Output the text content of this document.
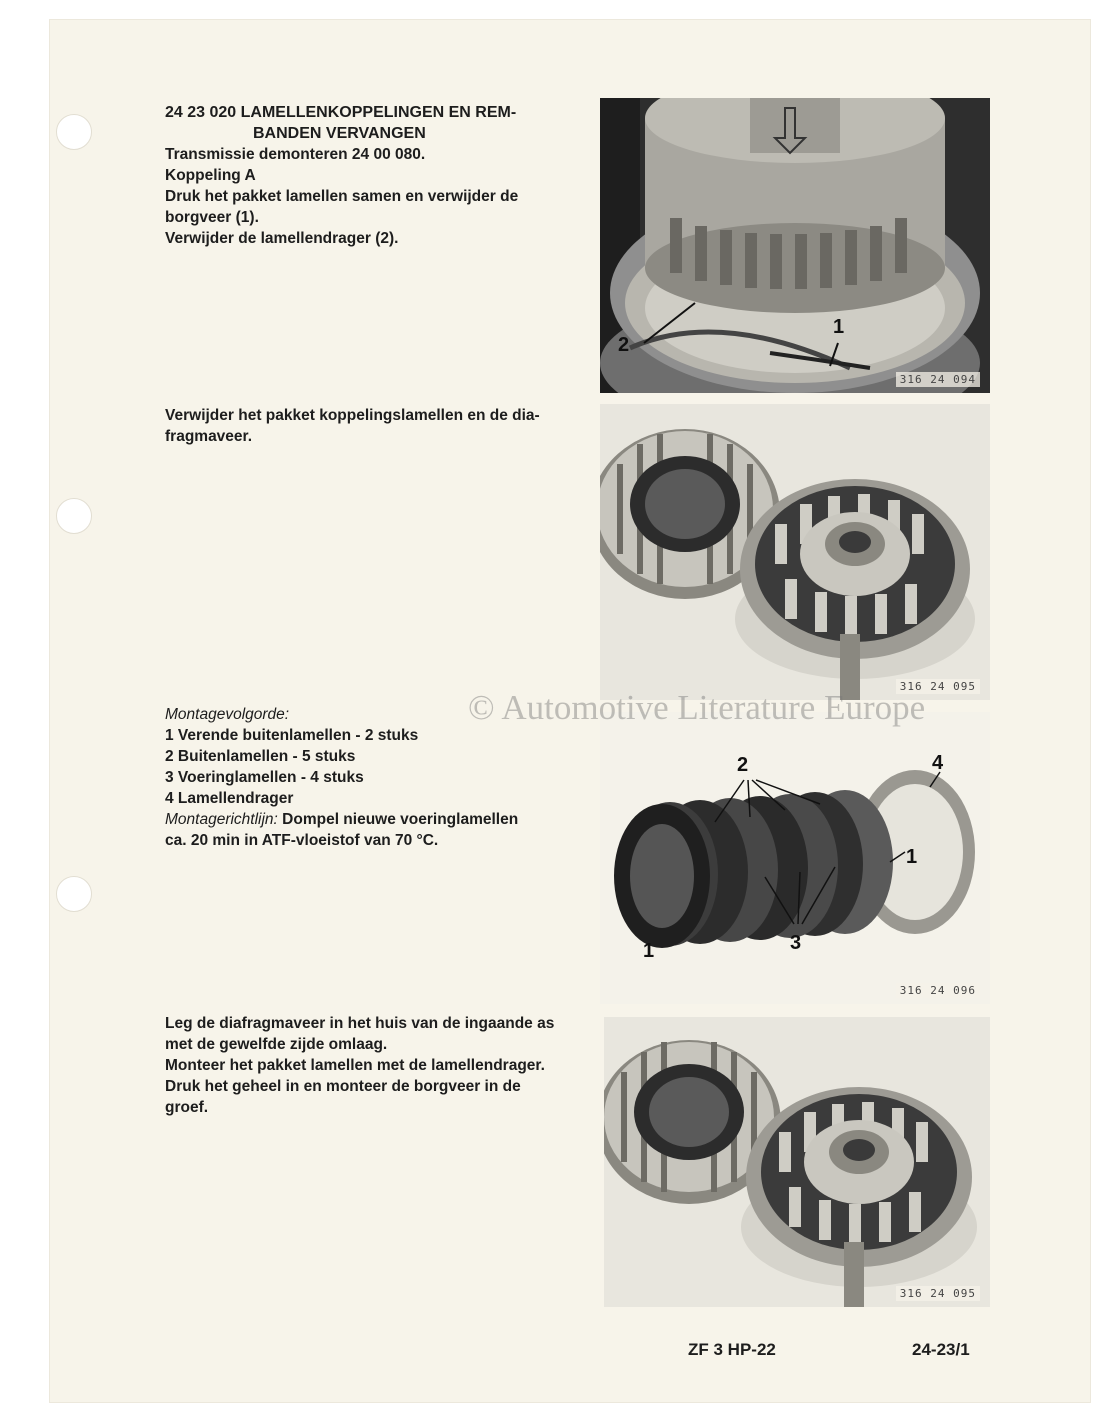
24 23 020 LAMELLENKOPPELINGEN EN REM-
BANDEN VERVANGEN
Transmissie demonteren 24 00 080.
Koppeling A
Druk het pakket lamellen samen en verwijder de
borgveer (1).
Verwijder de lamellendrager (2).
1
2
316 24 094
Verwijder het pakket koppelingslamellen en de dia-
fragmaveer.
316 24 095
Montagevolgorde:
1 Verende buitenlamellen - 2 stuks
2 Buitenlamellen - 5 stuks
3 Voeringlamellen - 4 stuks
4 Lamellendrager
Montagerichtlijn: Dompel nieuwe voeringlamellen
ca. 20 min in ATF-vloeistof van 70 °C.
2	4
1
3
1
316 24 096
© Automotive Literature Europe
Leg de diafragmaveer in het huis van de ingaande as
met de gewelfde zijde omlaag.
Monteer het pakket lamellen met de lamellendrager.
Druk het geheel in en monteer de borgveer in de
groef.
316 24 095
ZF 3 HP-22	24-23/1
